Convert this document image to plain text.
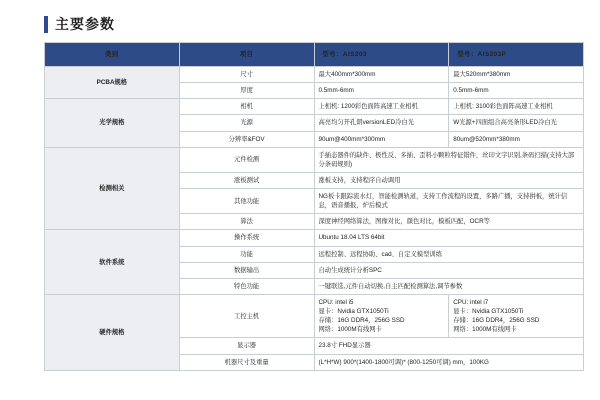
主要参数
类别	项目	型号：AIS203	型号：AIS203P
PCBA规格	尺寸	最大400mm*300mm	最大520mm*380mm
	厚度	0.5mm-6mm	0.5mm-6mm
光学规格	相机	上相机: 1200彩色面阵高速工业相机	上相机: 3100彩色面阵高速工业相机
	光源	高亮均匀开孔朗versionLED冷白光	W光源+四面组合高亮条形LED冷白光
	分辨率&FOV	90um@400mm*300mm	80um@520mm*380mm
检测相关	元件检测	手插态器件的缺件、极性反、多插、歪料小颗粒特征错件，丝印文字识别,条码扫描(支持大部分条码规则)	
	涨板测试	涨板支持，支持程序自动调用	
	其他功能	NG板卡跟踪流水灯，智能检测轨道，支持工作流程的设置，多路广播，支持拼板，统计信息，语音播报，炉后模式	
	算法	深度神经网络算法，图像对比，颜色对比，模板匹配，OCR等	
软件系统	操作系统	Ubuntu 18.04 LTS 64bit	
	功能	远程控制、远程协助、cad、自定义模型训练	
	数据输出	自动生成统计分析SPC	
	特色功能	一键联选,元件自动切换,自主匹配检测算法,调节参数	
硬件规格	工控主机	CPU: intel i5
显卡：Nvidia GTX1050Ti
存储：16G DDR4，256G SSD
网络：1000M有线网卡	CPU: intel i7
显卡：Nvidia GTX1050Ti
存储：16G DDR4，256G SSD
网络：1000M有线网卡

	显示器	23.8寸 FHD显示器	
	机器尺寸及重量	(L*H*W) 900*(1400-1800可调)* (800-1250可调) mm，100KG	
